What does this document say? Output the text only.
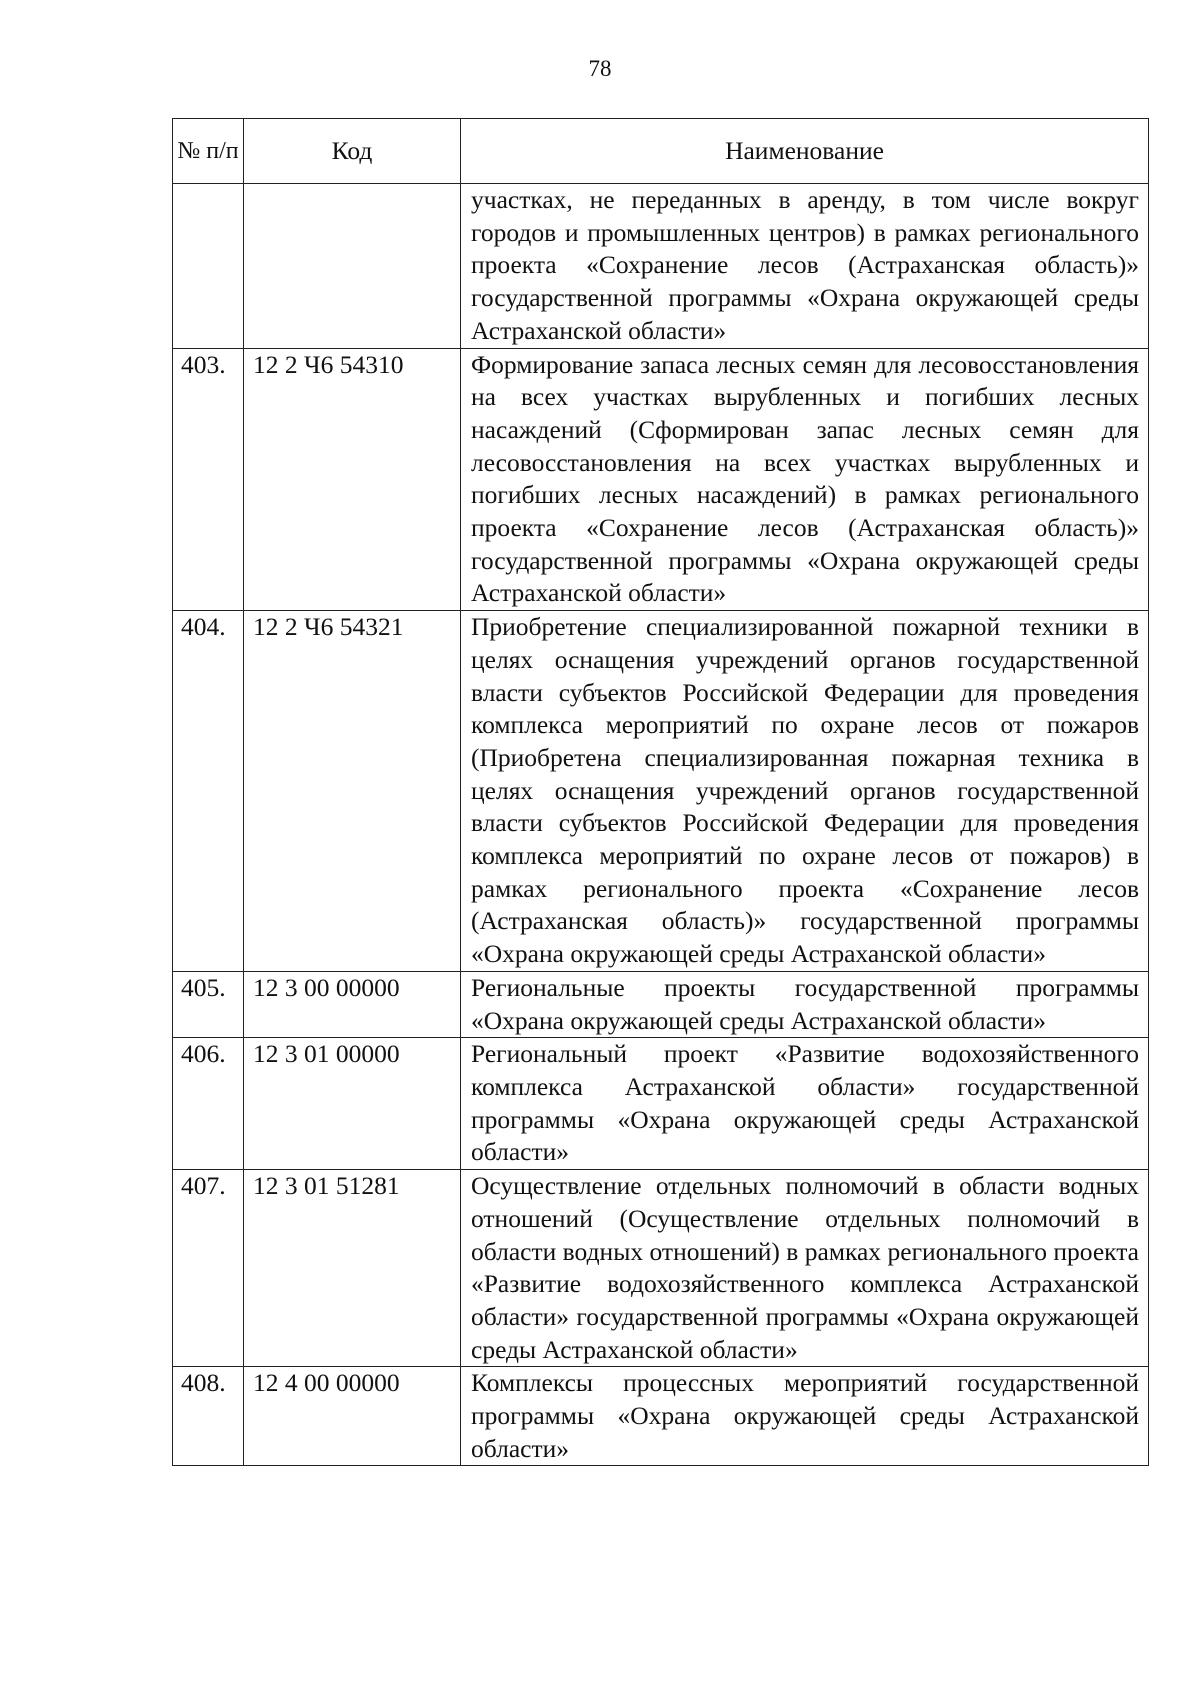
78
№ п/п	Код	Наименование
		участках, не переданных в аренду, в том числе вокруг городов и промышленных центров) в рамках регионального проекта «Сохранение лесов (Астраханская область)» государственной программы «Охрана окружающей среды Астраханской области»
403.	12 2 Ч6 54310	Формирование запаса лесных семян для лесовосстановления на всех участках вырубленных и погибших лесных насаждений (Сформирован запас лесных семян для лесовосстановления на всех участках вырубленных и погибших лесных насаждений) в рамках регионального проекта «Сохранение лесов (Астраханская область)» государственной программы «Охрана окружающей среды Астраханской области»
404.	12 2 Ч6 54321	Приобретение специализированной пожарной техники в целях оснащения учреждений органов государственной власти субъектов Российской Федерации для проведения комплекса мероприятий по охране лесов от пожаров (Приобретена специализированная пожарная техника в целях оснащения учреждений органов государственной власти субъектов Российской Федерации для проведения комплекса мероприятий по охране лесов от пожаров) в рамках регионального проекта «Сохранение лесов (Астраханская область)» государственной программы «Охрана окружающей среды Астраханской области»
405.	12 3 00 00000	Региональные проекты государственной программы «Охрана окружающей среды Астраханской области»
406.	12 3 01 00000	Региональный проект «Развитие водохозяйственного комплекса Астраханской области» государственной программы «Охрана окружающей среды Астраханской области»
407.	12 3 01 51281	Осуществление отдельных полномочий в области водных отношений (Осуществление отдельных полномочий в области водных отношений) в рамках регионального проекта «Развитие водохозяйственного комплекса Астраханской области» государственной программы «Охрана окружающей среды Астраханской области»
408.	12 4 00 00000	Комплексы процессных мероприятий государственной программы «Охрана окружающей среды Астраханской области»
